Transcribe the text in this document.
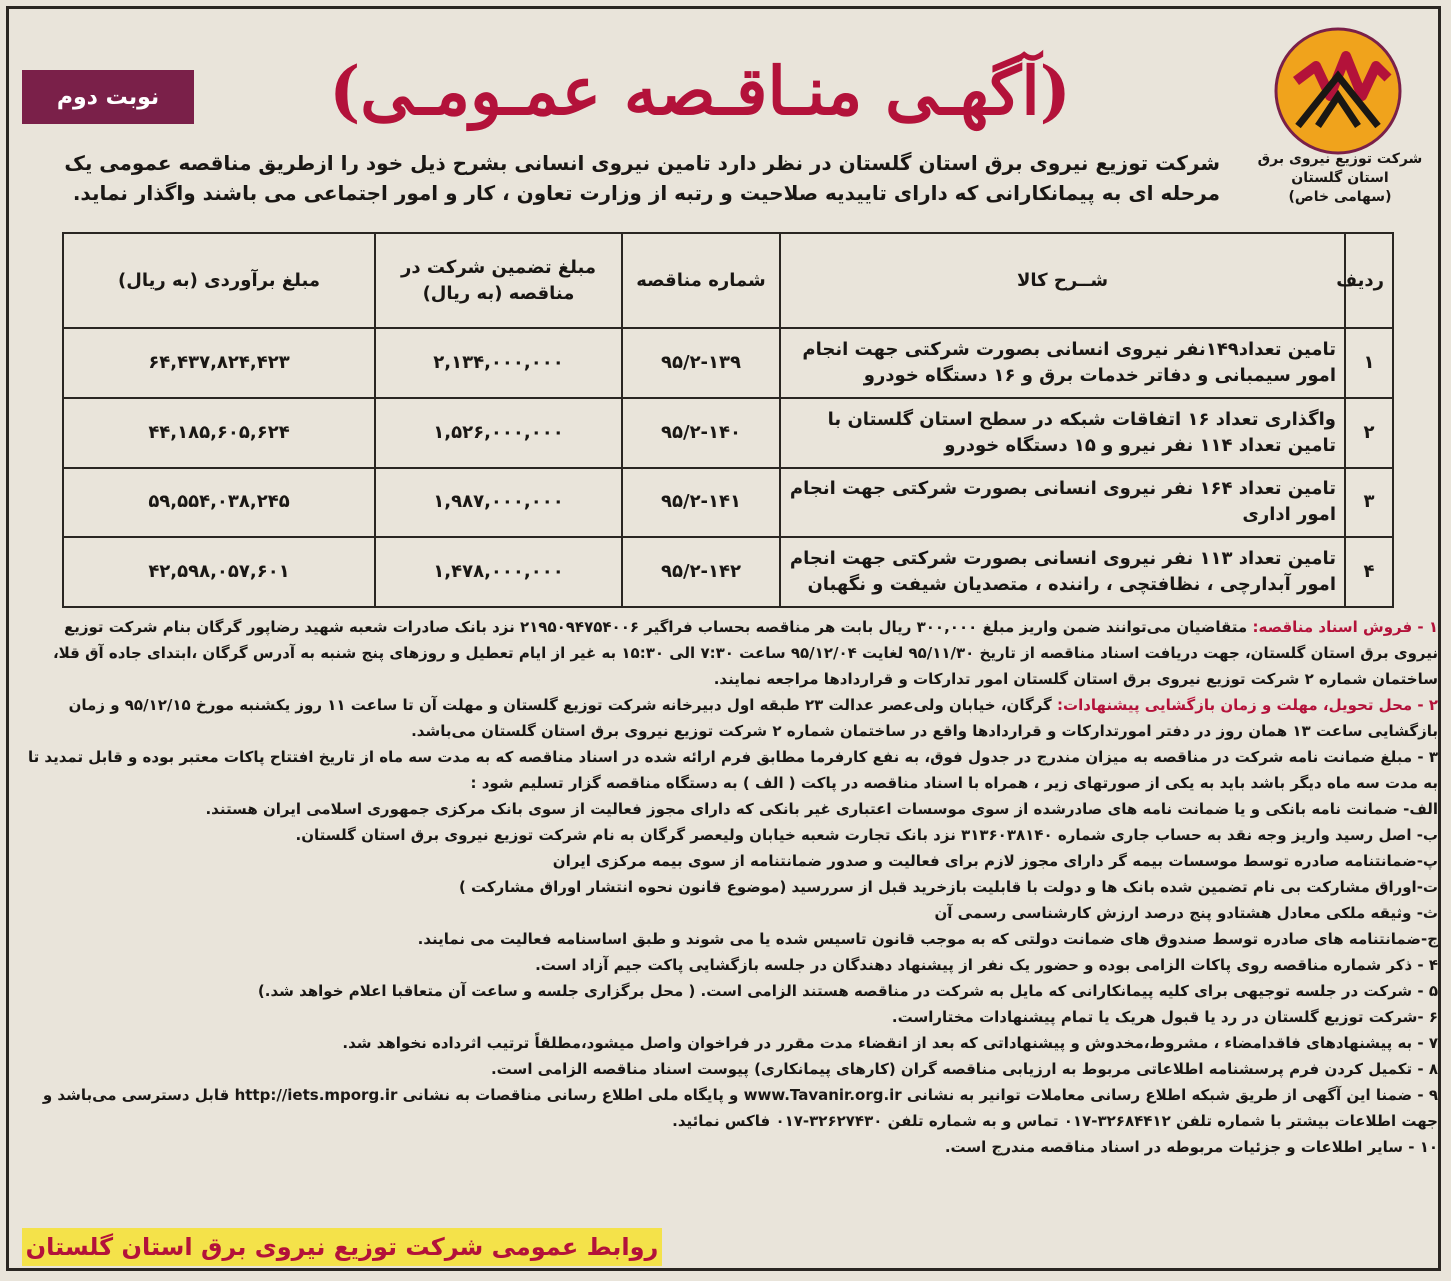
شرکت توزیع نیروی برق
استان گلستان
(سهامی خاص)
(آگهـی منـاقـصه عمـومـی)
نوبت دوم
شرکت توزیع نیروی برق استان گلستان در نظر دارد تامین نیروی انسانی بشرح ذیل خود را ازطریق مناقصه عمومی یک مرحله ای به پیمانکارانی که دارای تاییدیه صلاحیت و رتبه از وزارت تعاون ، کار و امور اجتماعی می باشند واگذار نماید.
ردیف	شــرح کالا	شماره مناقصه	مبلغ تضمین شرکت در مناقصه (به ریال)	مبلغ برآوردی (به ریال)
۱	تامین تعداد۱۴۹نفر نیروی انسانی بصورت شرکتی جهت انجام امور سیمبانی و دفاتر خدمات برق و ۱۶ دستگاه خودرو	۹۵/۲-۱۳۹	۲,۱۳۴,۰۰۰,۰۰۰	۶۴,۴۳۷,۸۲۴,۴۲۳
۲	واگذاری تعداد ۱۶ اتفاقات شبکه در سطح استان گلستان با تامین تعداد ۱۱۴ نفر نیرو و ۱۵ دستگاه خودرو	۹۵/۲-۱۴۰	۱,۵۲۶,۰۰۰,۰۰۰	۴۴,۱۸۵,۶۰۵,۶۲۴
۳	تامین تعداد ۱۶۴ نفر نیروی انسانی بصورت شرکتی جهت انجام امور اداری	۹۵/۲-۱۴۱	۱,۹۸۷,۰۰۰,۰۰۰	۵۹,۵۵۴,۰۳۸,۲۴۵
۴	تامین تعداد ۱۱۳ نفر نیروی انسانی بصورت شرکتی جهت انجام امور آبدارچی ، نظافتچی ، راننده ، متصدیان شیفت و نگهبان	۹۵/۲-۱۴۲	۱,۴۷۸,۰۰۰,۰۰۰	۴۲,۵۹۸,۰۵۷,۶۰۱

۱ - فروش اسناد مناقصه: متقاضیان می‌توانند ضمن واریز مبلغ ۳۰۰,۰۰۰ ریال بابت هر مناقصه بحساب فراگیر ۲۱۹۵۰۹۴۷۵۴۰۰۶ نزد بانک صادرات شعبه شهید رضاپور گرگان بنام شرکت توزیع نیروی برق استان گلستان، جهت دریافت اسناد مناقصه از تاریخ ۹۵/۱۱/۳۰ لغایت ۹۵/۱۲/۰۴ ساعت ۷:۳۰ الی ۱۵:۳۰ به غیر از ایام تعطیل و روزهای پنج شنبه به آدرس گرگان ،ابتدای جاده آق قلا، ساختمان شماره ۲ شرکت توزیع نیروی برق استان گلستان امور تدارکات و قراردادها مراجعه نمایند.

۲ - محل تحویل، مهلت و زمان بازگشایی پیشنهادات: گرگان، خیابان ولی‌عصر عدالت ۲۳ طبقه اول دبیرخانه شرکت توزیع گلستان و مهلت آن تا ساعت ۱۱ روز یکشنبه مورخ ۹۵/۱۲/۱۵ و زمان بازگشایی ساعت ۱۳ همان روز در دفتر امورتدارکات و قراردادها واقع در ساختمان شماره ۲ شرکت توزیع نیروی برق استان گلستان می‌باشد.

۳ - مبلغ ضمانت نامه شرکت در مناقصه به میزان مندرج در جدول فوق، به نفع کارفرما مطابق فرم ارائه شده در اسناد مناقصه که به مدت سه ماه از تاریخ افتتاح پاکات معتبر بوده و قابل تمدید تا به مدت سه ماه دیگر باشد باید به یکی از صورتهای زیر ، همراه با اسناد مناقصه در پاکت ( الف ) به دستگاه مناقصه گزار تسلیم شود :

الف- ضمانت نامه بانکی و یا ضمانت نامه های صادرشده از سوی موسسات اعتباری غیر بانکی که دارای مجوز فعالیت از سوی بانک مرکزی جمهوری اسلامی ایران هستند.

ب- اصل رسید واریز وجه نقد به حساب جاری شماره ۳۱۳۶۰۳۸۱۴۰ نزد بانک تجارت شعبه خیابان ولیعصر گرگان به نام شرکت توزیع نیروی برق استان گلستان.

پ-ضمانتنامه صادره توسط موسسات بیمه گر دارای مجوز لازم برای فعالیت و صدور ضمانتنامه از سوی بیمه مرکزی ایران

ت-اوراق مشارکت بی نام تضمین شده بانک ها و دولت با قابلیت بازخرید قبل از سررسید (موضوع قانون نحوه انتشار اوراق مشارکت )

ث- وثیقه ملکی معادل هشتادو پنج درصد ارزش کارشناسی رسمی آن

ج-ضمانتنامه های صادره توسط صندوق های ضمانت دولتی که به موجب قانون تاسیس شده یا می شوند و طبق اساسنامه فعالیت می نمایند.

۴ - ذکر شماره مناقصه روی پاکات الزامی بوده و حضور یک نفر از پیشنهاد دهندگان در جلسه بازگشایی پاکت جیم آزاد است.

۵ - شرکت در جلسه توجیهی برای کلیه پیمانکارانی که مایل به شرکت در مناقصه هستند الزامی است. ( محل برگزاری جلسه و ساعت آن متعاقبا اعلام خواهد شد.)

۶ -شرکت توزیع گلستان در رد یا قبول هریک یا تمام پیشنهادات مختاراست.

۷ - به پیشنهادهای فاقدامضاء ، مشروط،مخدوش و پیشنهاداتی که بعد از انقضاء مدت مقرر در فراخوان واصل میشود،مطلقاً ترتیب اثرداده نخواهد شد.

۸ - تکمیل کردن فرم پرسشنامه اطلاعاتی مربوط به ارزیابی مناقصه گران (کارهای پیمانکاری) پیوست اسناد مناقصه الزامی است.

۹ - ضمنا این آگهی از طریق شبکه اطلاع رسانی معاملات توانیر به نشانی www.Tavanir.org.ir و پایگاه ملی اطلاع رسانی مناقصات به نشانی http://iets.mporg.ir قابل دسترسی می‌باشد و جهت اطلاعات بیشتر با شماره تلفن ۳۲۶۸۴۴۱۲-۰۱۷ تماس و به شماره تلفن ۳۲۶۲۷۴۳۰-۰۱۷ فاکس نمائید.

۱۰ - سایر اطلاعات و جزئیات مربوطه در اسناد مناقصه مندرج است.

روابط عمومی شرکت توزیع نیروی برق استان گلستان
